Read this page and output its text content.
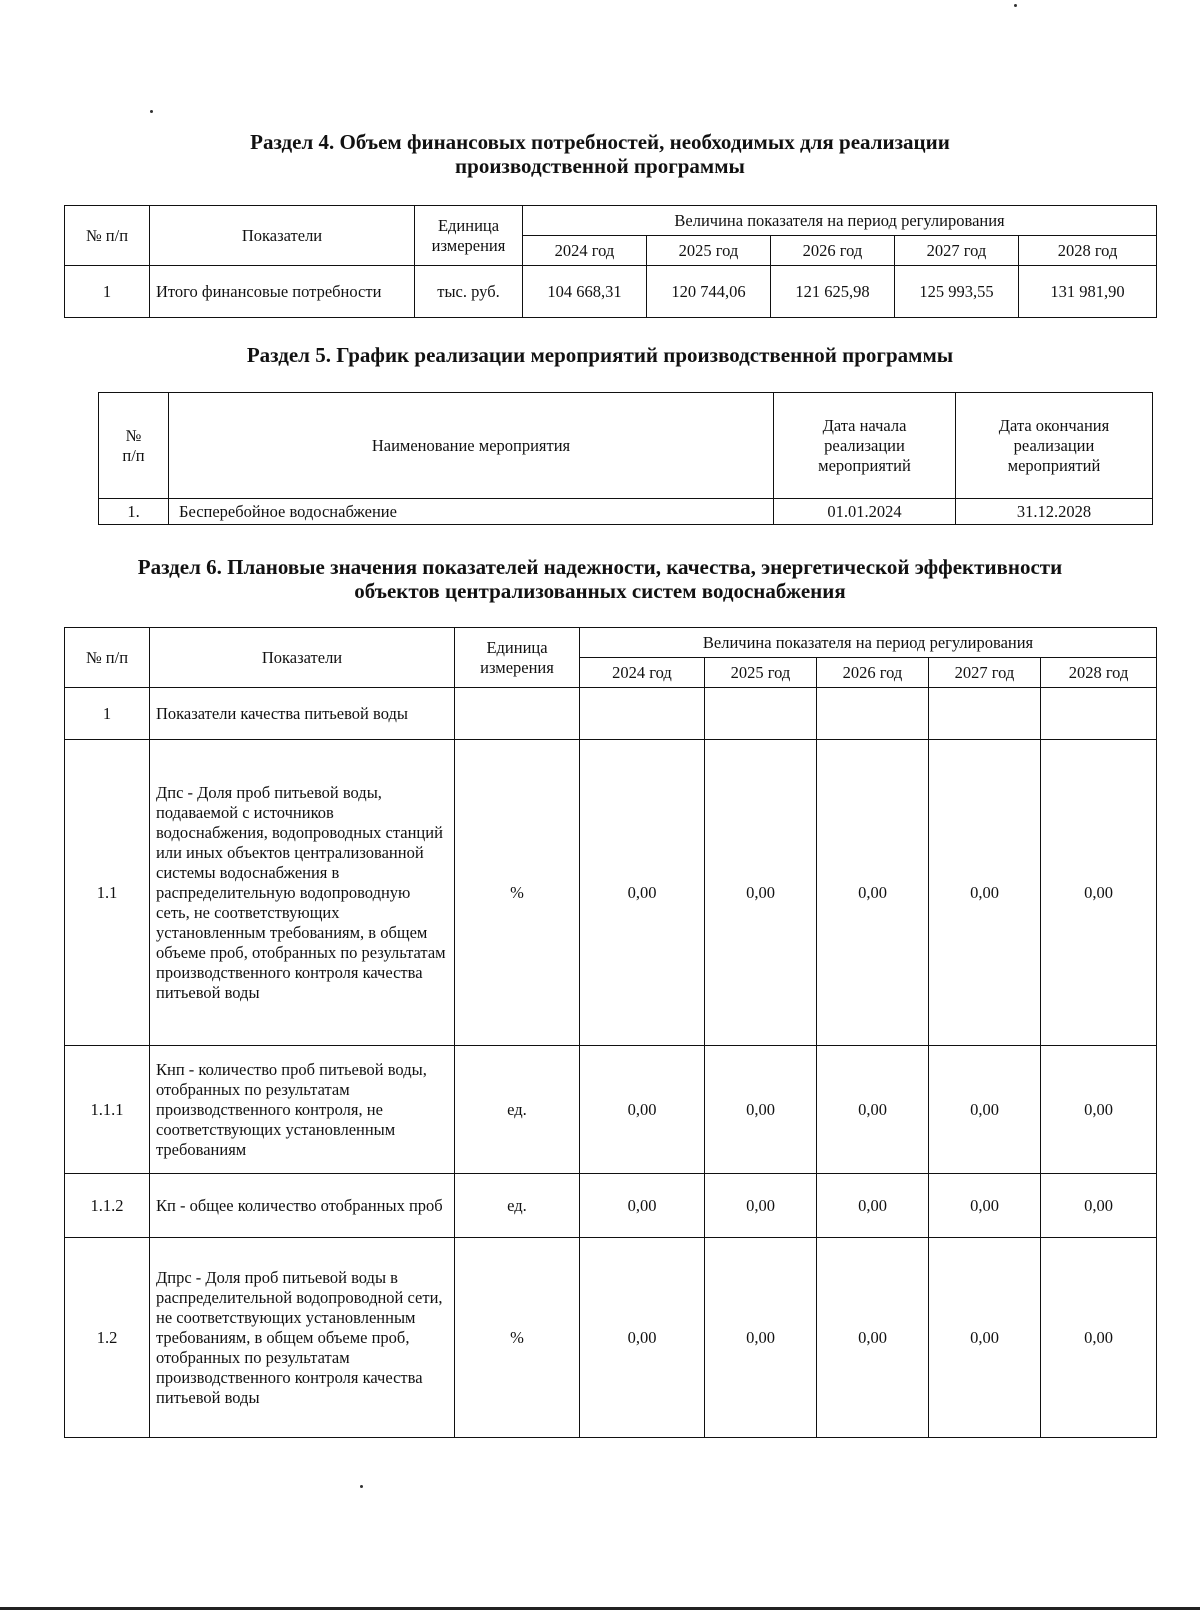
Раздел 4. Объем финансовых потребностей, необходимых для реализации
производственной программы
№ п/п	Показатели	Единица измерения	Величина показателя на период регулирования				
			2024 год	2025 год	2026 год	2027 год	2028 год
1	Итого финансовые потребности	тыс. руб.	104 668,31	120 744,06	121 625,98	125 993,55	131 981,90
Раздел 5. График реализации мероприятий производственной программы
№ п/п	Наименование мероприятия	Дата начала реализации мероприятий	Дата окончания реализации мероприятий
1.	Бесперебойное водоснабжение	01.01.2024	31.12.2028
Раздел 6. Плановые значения показателей надежности, качества, энергетической эффективности
объектов централизованных систем водоснабжения
№ п/п	Показатели	Единица измерения	Величина показателя на период регулирования				
			2024 год	2025 год	2026 год	2027 год	2028 год
1	Показатели качества питьевой воды						
1.1	Дпс - Доля проб питьевой воды, подаваемой с источников водоснабжения, водопроводных станций или иных объектов централизованной системы водоснабжения в распределительную водопроводную сеть, не соответствующих установленным требованиям, в общем объеме проб, отобранных по результатам производственного контроля качества питьевой воды	%	0,00	0,00	0,00	0,00	0,00
1.1.1	Кнп - количество проб питьевой воды, отобранных по результатам производственного контроля, не соответствующих установленным требованиям	ед.	0,00	0,00	0,00	0,00	0,00
1.1.2	Кп - общее количество отобранных проб	ед.	0,00	0,00	0,00	0,00	0,00
1.2	Дпрс - Доля проб питьевой воды в распределительной водопроводной сети, не соответствующих установленным требованиям, в общем объеме проб, отобранных по результатам производственного контроля качества питьевой воды	%	0,00	0,00	0,00	0,00	0,00
